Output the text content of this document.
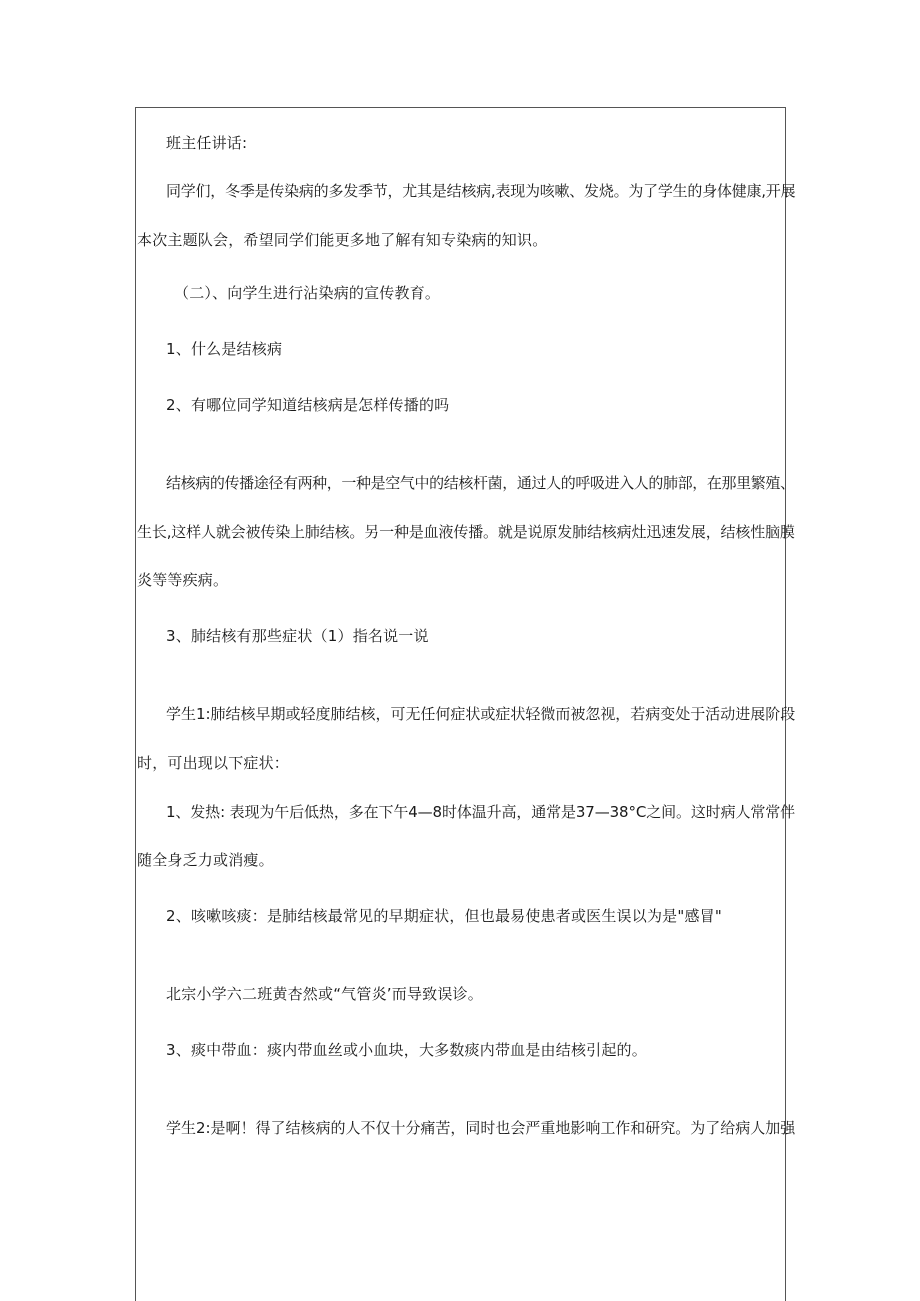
班主任讲话:
同学们，冬季是传染病的多发季节，尤其是结核病,表现为咳嗽、发烧。为了学生的身体健康,开展
本次主题队会，希望同学们能更多地了解有知专染病的知识。
（二）、向学生进行沾染病的宣传教育。
1、什么是结核病
2、有哪位同学知道结核病是怎样传播的吗
结核病的传播途径有两种，一种是空气中的结核杆菌，通过人的呼吸进入人的肺部，在那里繁殖、
生长,这样人就会被传染上肺结核。另一种是血液传播。就是说原发肺结核病灶迅速发展，结核性脑膜
炎等等疾病。
3、肺结核有那些症状（1）指名说一说
学生1:肺结核早期或轻度肺结核，可无任何症状或症状轻微而被忽视，若病变处于活动进展阶段
时，可出现以下症状：
1、发热: 表现为午后低热，多在下午4—8时体温升高，通常是37—38°C之间。这时病人常常伴
随全身乏力或消瘦。
2、咳嗽咳痰：是肺结核最常见的早期症状，但也最易使患者或医生误以为是"感冒"
北宗小学六二班黄杏然或“气管炎’而导致误诊。
3、痰中带血：痰内带血丝或小血块，大多数痰内带血是由结核引起的。
学生2:是啊！得了结核病的人不仅十分痛苦，同时也会严重地影响工作和研究。为了给病人加强
